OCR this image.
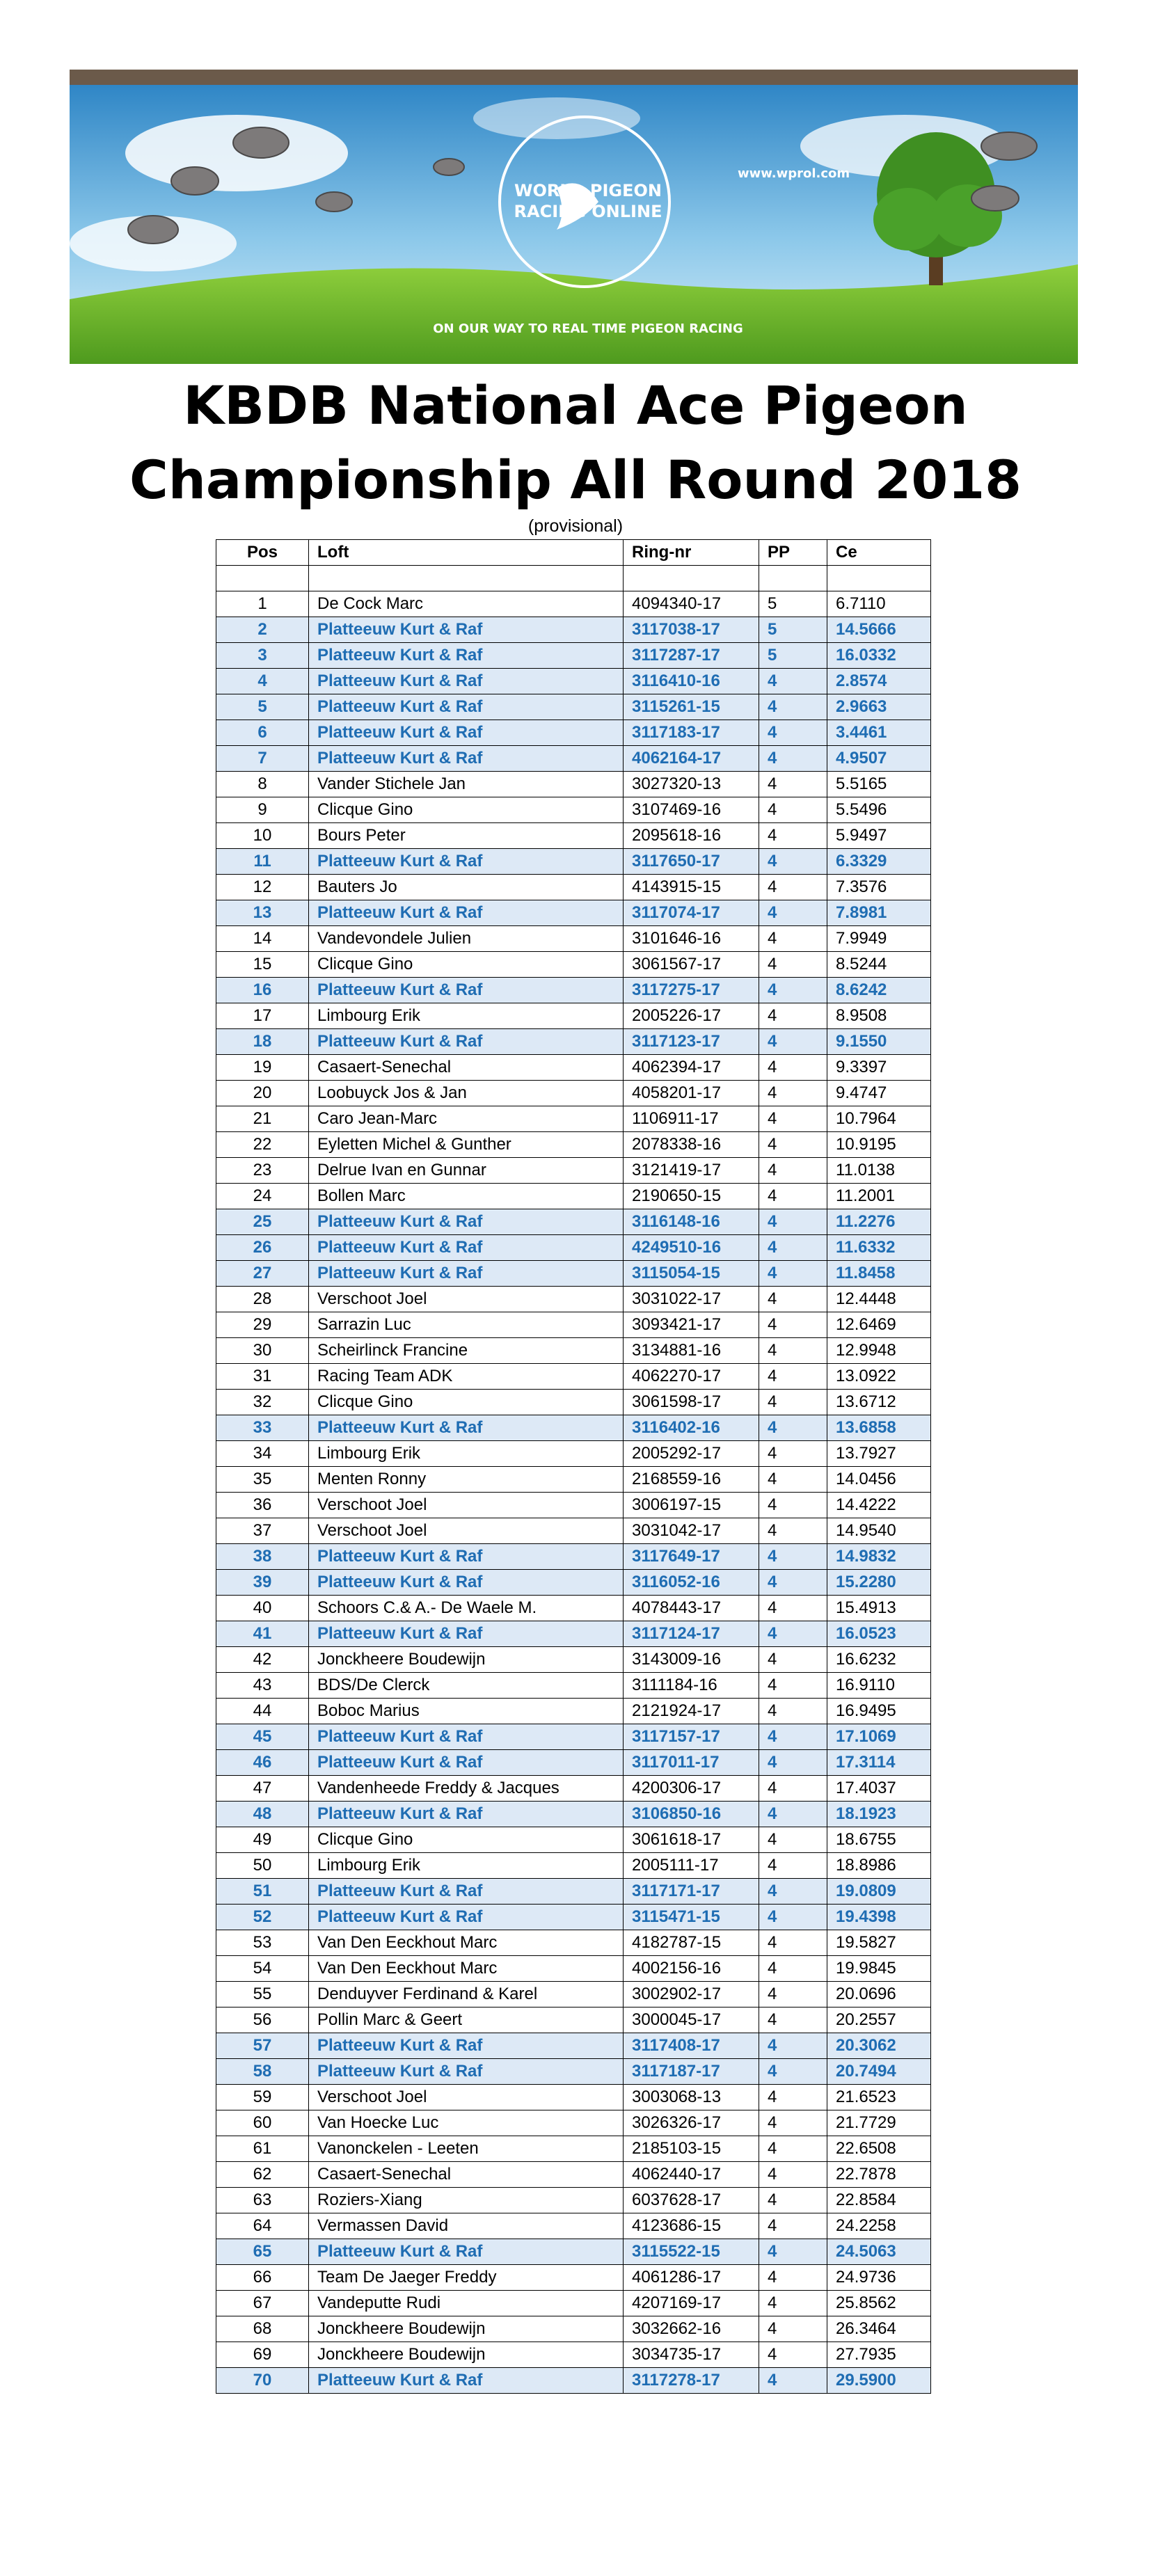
www.wprol.com
WORLD PIGEON
RACING ONLINE
ON OUR WAY TO REAL TIME PIGEON RACING
KBDB National Ace Pigeon
Championship All Round 2018
(provisional)
Pos	Loft	Ring-nr	PP	Ce

1	De Cock Marc	4094340-17	5	6.7110
2	Platteeuw Kurt & Raf	3117038-17	5	14.5666
3	Platteeuw Kurt & Raf	3117287-17	5	16.0332
4	Platteeuw Kurt & Raf	3116410-16	4	2.8574
5	Platteeuw Kurt & Raf	3115261-15	4	2.9663
6	Platteeuw Kurt & Raf	3117183-17	4	3.4461
7	Platteeuw Kurt & Raf	4062164-17	4	4.9507
8	Vander Stichele Jan	3027320-13	4	5.5165
9	Clicque Gino	3107469-16	4	5.5496
10	Bours Peter	2095618-16	4	5.9497
11	Platteeuw Kurt & Raf	3117650-17	4	6.3329
12	Bauters Jo	4143915-15	4	7.3576
13	Platteeuw Kurt & Raf	3117074-17	4	7.8981
14	Vandevondele Julien	3101646-16	4	7.9949
15	Clicque Gino	3061567-17	4	8.5244
16	Platteeuw Kurt & Raf	3117275-17	4	8.6242
17	Limbourg Erik	2005226-17	4	8.9508
18	Platteeuw Kurt & Raf	3117123-17	4	9.1550
19	Casaert-Senechal	4062394-17	4	9.3397
20	Loobuyck Jos & Jan	4058201-17	4	9.4747
21	Caro Jean-Marc	1106911-17	4	10.7964
22	Eyletten Michel & Gunther	2078338-16	4	10.9195
23	Delrue Ivan en Gunnar	3121419-17	4	11.0138
24	Bollen Marc	2190650-15	4	11.2001
25	Platteeuw Kurt & Raf	3116148-16	4	11.2276
26	Platteeuw Kurt & Raf	4249510-16	4	11.6332
27	Platteeuw Kurt & Raf	3115054-15	4	11.8458
28	Verschoot Joel	3031022-17	4	12.4448
29	Sarrazin Luc	3093421-17	4	12.6469
30	Scheirlinck Francine	3134881-16	4	12.9948
31	Racing Team ADK	4062270-17	4	13.0922
32	Clicque Gino	3061598-17	4	13.6712
33	Platteeuw Kurt & Raf	3116402-16	4	13.6858
34	Limbourg Erik	2005292-17	4	13.7927
35	Menten Ronny	2168559-16	4	14.0456
36	Verschoot Joel	3006197-15	4	14.4222
37	Verschoot Joel	3031042-17	4	14.9540
38	Platteeuw Kurt & Raf	3117649-17	4	14.9832
39	Platteeuw Kurt & Raf	3116052-16	4	15.2280
40	Schoors C.& A.- De Waele M.	4078443-17	4	15.4913
41	Platteeuw Kurt & Raf	3117124-17	4	16.0523
42	Jonckheere Boudewijn	3143009-16	4	16.6232
43	BDS/De Clerck	3111184-16	4	16.9110
44	Boboc Marius	2121924-17	4	16.9495
45	Platteeuw Kurt & Raf	3117157-17	4	17.1069
46	Platteeuw Kurt & Raf	3117011-17	4	17.3114
47	Vandenheede Freddy & Jacques	4200306-17	4	17.4037
48	Platteeuw Kurt & Raf	3106850-16	4	18.1923
49	Clicque Gino	3061618-17	4	18.6755
50	Limbourg Erik	2005111-17	4	18.8986
51	Platteeuw Kurt & Raf	3117171-17	4	19.0809
52	Platteeuw Kurt & Raf	3115471-15	4	19.4398
53	Van Den Eeckhout Marc	4182787-15	4	19.5827
54	Van Den Eeckhout Marc	4002156-16	4	19.9845
55	Denduyver Ferdinand & Karel	3002902-17	4	20.0696
56	Pollin Marc & Geert	3000045-17	4	20.2557
57	Platteeuw Kurt & Raf	3117408-17	4	20.3062
58	Platteeuw Kurt & Raf	3117187-17	4	20.7494
59	Verschoot Joel	3003068-13	4	21.6523
60	Van Hoecke Luc	3026326-17	4	21.7729
61	Vanonckelen - Leeten	2185103-15	4	22.6508
62	Casaert-Senechal	4062440-17	4	22.7878
63	Roziers-Xiang	6037628-17	4	22.8584
64	Vermassen David	4123686-15	4	24.2258
65	Platteeuw Kurt & Raf	3115522-15	4	24.5063
66	Team De Jaeger Freddy	4061286-17	4	24.9736
67	Vandeputte Rudi	4207169-17	4	25.8562
68	Jonckheere Boudewijn	3032662-16	4	26.3464
69	Jonckheere Boudewijn	3034735-17	4	27.7935
70	Platteeuw Kurt & Raf	3117278-17	4	29.5900
